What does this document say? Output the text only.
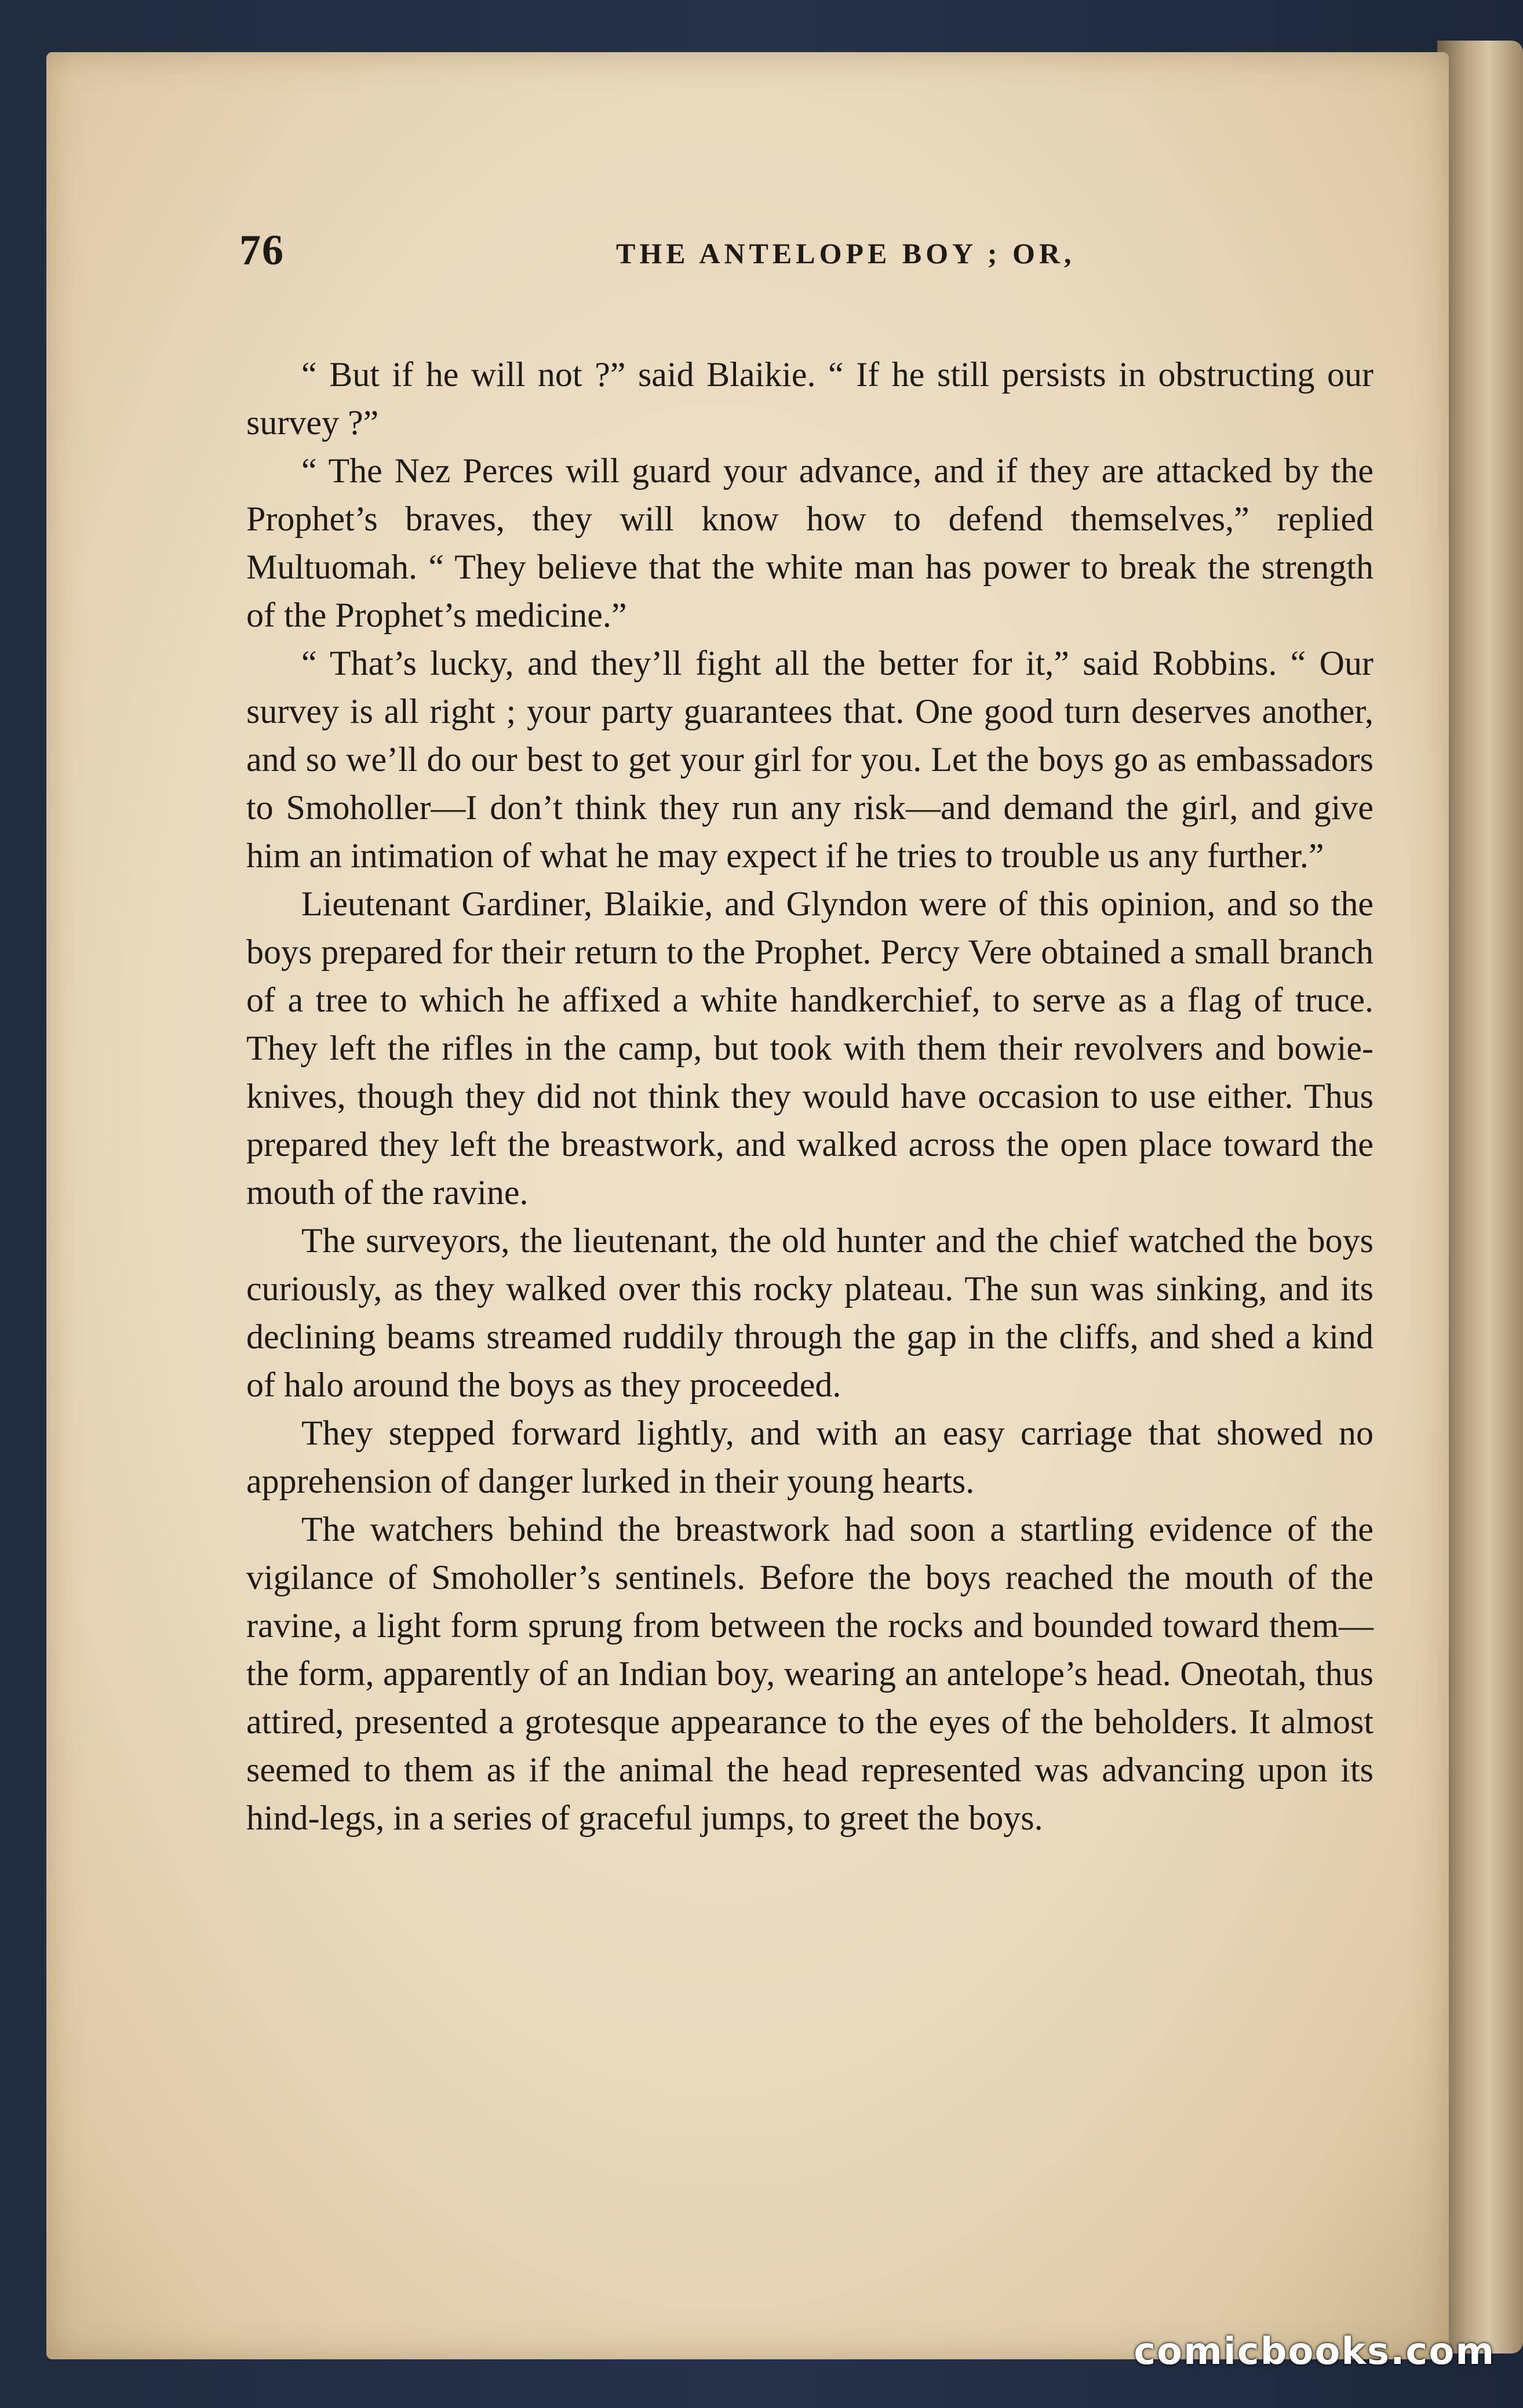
76	THE ANTELOPE BOY ; OR,

“ But if he will not ?” said Blaikie. “ If he still persists in obstructing our survey ?”

“ The Nez Perces will guard your advance, and if they are attacked by the Prophet’s braves, they will know how to defend themselves,” replied Multuomah. “ They believe that the white man has power to break the strength of the Prophet’s medicine.”

“ That’s lucky, and they’ll fight all the better for it,” said Robbins. “ Our survey is all right ; your party guarantees that. One good turn deserves another, and so we’ll do our best to get your girl for you. Let the boys go as embassadors to Smoholler—I don’t think they run any risk—and demand the girl, and give him an intimation of what he may expect if he tries to trouble us any further.”

Lieutenant Gardiner, Blaikie, and Glyndon were of this opinion, and so the boys prepared for their return to the Prophet. Percy Vere obtained a small branch of a tree to which he affixed a white handkerchief, to serve as a flag of truce. They left the rifles in the camp, but took with them their revolvers and bowie-knives, though they did not think they would have occasion to use either. Thus prepared they left the breastwork, and walked across the open place toward the mouth of the ravine.

The surveyors, the lieutenant, the old hunter and the chief watched the boys curiously, as they walked over this rocky plateau. The sun was sinking, and its declining beams streamed ruddily through the gap in the cliffs, and shed a kind of halo around the boys as they proceeded.

They stepped forward lightly, and with an easy carriage that showed no apprehension of danger lurked in their young hearts.

The watchers behind the breastwork had soon a startling evidence of the vigilance of Smoholler’s sentinels. Before the boys reached the mouth of the ravine, a light form sprung from between the rocks and bounded toward them—the form, apparently of an Indian boy, wearing an antelope’s head. Oneotah, thus attired, presented a grotesque appearance to the eyes of the beholders. It almost seemed to them as if the animal the head represented was advancing upon its hind-legs, in a series of graceful jumps, to greet the boys.

comicbooks.com
